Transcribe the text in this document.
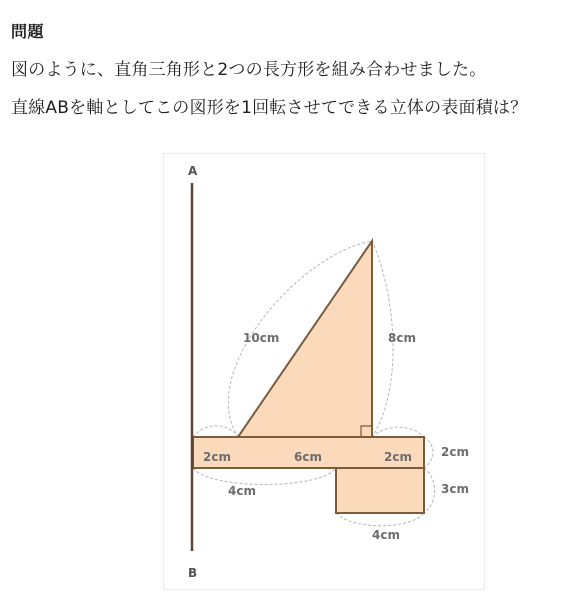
問題
図のように、直角三角形と2つの長方形を組み合わせました。
直線ABを軸としてこの図形を1回転させてできる立体の表面積は？
A
B
10cm	8cm
2cm	6cm	2cm 2cm
4cm	3cm
4cm
